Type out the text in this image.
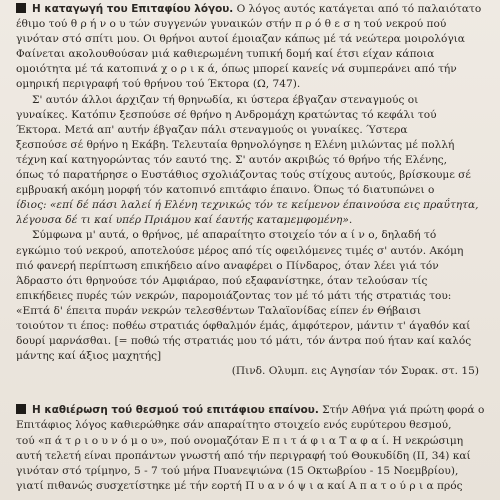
Η καταγωγή του Επιταφίου λόγου. Ο λόγος αυτός κατάγεται από τό παλαιότατο
έθιμο τού θ ρ ή ν ο υ τών συγγενών γυναικών στήν π ρ ό θ ε σ η τού νεκρού πού
γινόταν στό σπίτι μου. Οι θρήνοι αυτοί έμοιαζαν κάπως μέ τά νεώτερα μοιρολόγια
Φαίνεται ακολουθούσαν μιά καθιερωμένη τυπική δομή καί έτσι είχαν κάποια
ομοιότητα μέ τά κατοπινά χ ο ρ ι κ ά, όπως μπορεί κανείς νά συμπεράνει από τήν
ομηρική περιγραφή τού θρήνου τού Έκτορα (Ω, 747).
Σ' αυτόν άλλοι άρχιζαν τή θρηνωδία, κι ύστερα έβγαζαν στεναγμούς οι
γυναίκες. Κατόπιν ξεσπούσε σέ θρήνο η Ανδρομάχη κρατώντας τό κεφάλι τού
Έκτορα. Μετά απ' αυτήν έβγαζαν πάλι στεναγμούς οι γυναίκες. Ύστερα
ξεσπούσε σέ θρήνο η Εκάβη. Τελευταία θρηνολόγησε η Ελένη μιλώντας μέ πολλή
τέχνη καί κατηγορώντας τόν εαυτό της. Σ' αυτόν ακριβώς τό θρήνο τής Ελένης,
όπως τό παρατήρησε ο Ευστάθιος σχολιάζοντας τούς στίχους αυτούς, βρίσκουμε σέ
εμβρυακή ακόμη μορφή τόν κατοπινό επιτάφιο έπαινο. Όπως τό διατυπώνει ο
ίδιος: «επί δέ πάσι λαλεί ή Ελένη τεχνικώς τόν τε κείμενον έπαινούσα εις πραΰτητα,
λέγουσα δέ τι καί υπέρ Πριάμου καί έαυτής καταμεμφομένη».
Σύμφωνα μ' αυτά, ο θρήνος, μέ απαραίτητο στοιχείο τόν α ί ν ο, δηλαδή τό
εγκώμιο τού νεκρού, αποτελούσε μέρος από τίς οφειλόμενες τιμές σ' αυτόν. Ακόμη
πιό φανερή περίπτωση επικήδειο αίνο αναφέρει ο Πίνδαρος, όταν λέει γιά τόν
Άδραστο ότι θρηνούσε τόν Αμφιάραο, πού εξαφανίστηκε, όταν τελούσαν τίς
επικήδειες πυρές τών νεκρών, παρομοιάζοντας τον μέ τό μάτι τής στρατιάς του:
«Επτά δ' έπειτα πυράν νεκρών τελεσθέντων Ταλαϊονίδας είπεν έν Θήβαισι
τοιούτον τι έπος: ποθέω στρατιάς όφθαλμόν έμάς, άμφότερον, μάντιν τ' άγαθόν καί
δουρί μαρνάσθαι. [= ποθώ τής στρατιάς μου τό μάτι, τόν άντρα πού ήταν καί καλός
μάντης καί άξιος μαχητής]
(Πινδ. Ολυμπ. εις Αγησίαν τόν Συρακ. στ. 15)
Η καθιέρωση τού θεσμού τού επιτάφιου επαίνου. Στήν Αθήνα γιά πρώτη φορά ο
Επιτάφιος λόγος καθιερώθηκε σάν απαραίτητο στοιχείο ενός ευρύτερου θεσμού,
τού «π ά τ ρ ι ο υ ν ό μ ο υ», πού ονομαζόταν Ε π ι τ ά φ ι α Τ α φ α ί. Η νεκρώσιμη
αυτή τελετή είναι προπάντων γνωστή από τήν περιγραφή τού Θουκυδίδη (ΙΙ, 34) καί
γινόταν στό τρίμηνο, 5 - 7 τού μήνα Πυανεψιώνα (15 Οκτωβρίου - 15 Νοεμβρίου),
γιατί πιθανώς συσχετίστηκε μέ τήν εορτή Π υ α ν ό ψ ι α καί Α π α τ ο ύ ρ ι α πρός
